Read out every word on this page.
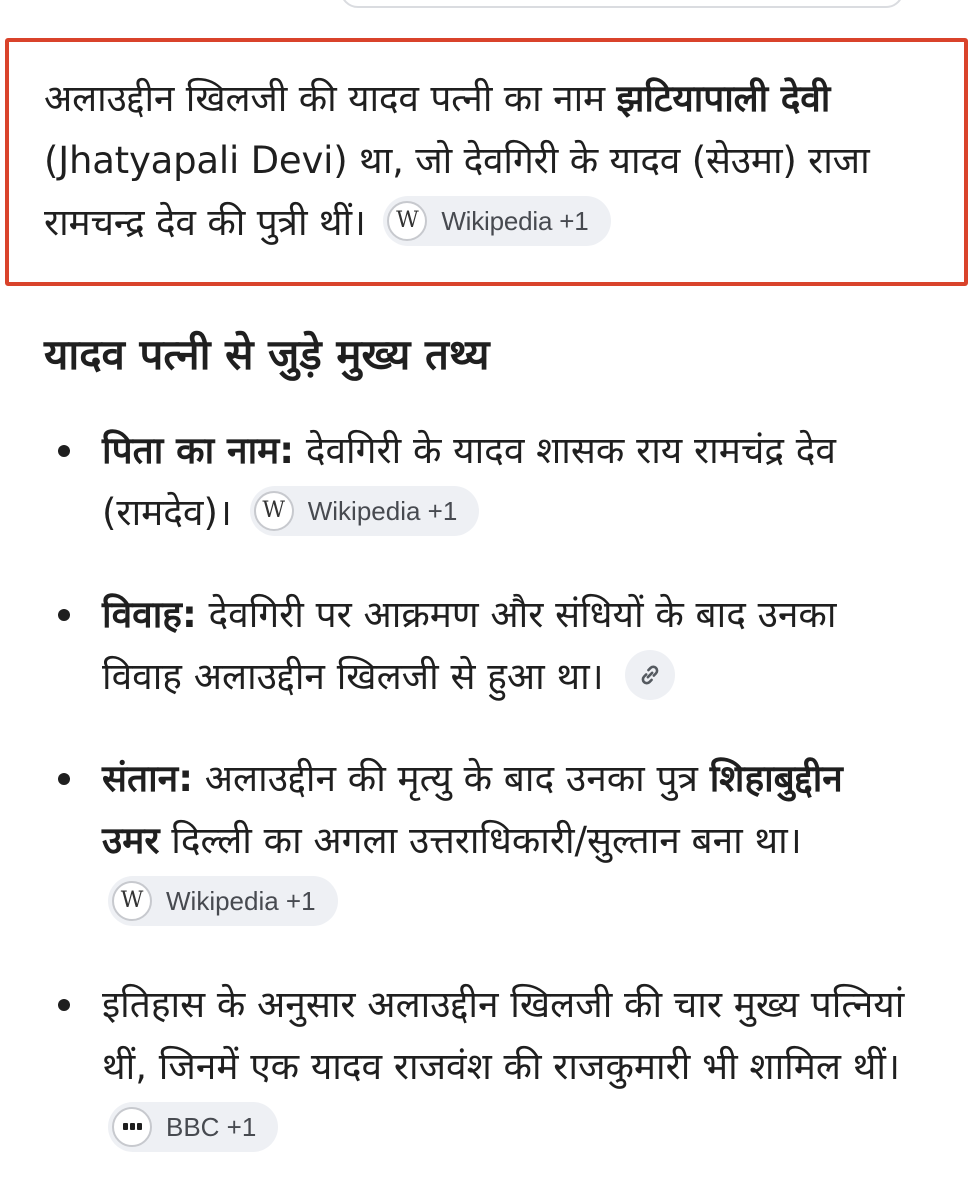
अलाउद्दीन खिलजी की यादव पत्नी का नाम झटियापाली देवी (Jhatyapali Devi) था, जो देवगिरी के यादव (सेउमा) राजा रामचन्द्र देव की पुत्री थीं।	W Wikipedia +1

यादव पत्नी से जुड़े मुख्य तथ्य
पिता का नाम: देवगिरी के यादव शासक राय रामचंद्र देव (रामदेव)।	W Wikipedia +1
विवाह: देवगिरी पर आक्रमण और संधियों के बाद उनका विवाह अलाउद्दीन खिलजी से हुआ था।
संतान: अलाउद्दीन की मृत्यु के बाद उनका पुत्र शिहाबुद्दीन उमर दिल्ली का अगला उत्तराधिकारी/सुल्तान बना था।
W Wikipedia +1
इतिहास के अनुसार अलाउद्दीन खिलजी की चार मुख्य पत्नियां थीं, जिनमें एक यादव राजवंश की राजकुमारी भी शामिल थीं।
BBC +1
